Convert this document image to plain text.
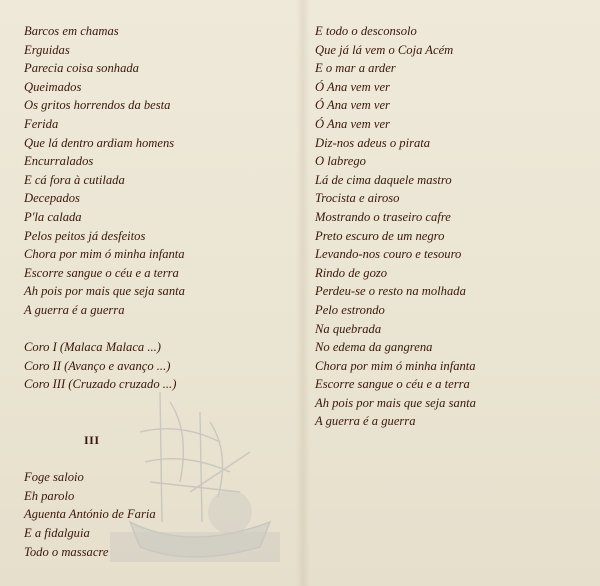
Barcos em chamas
Erguidas
Parecia coisa sonhada
Queimados
Os gritos horrendos da besta
Ferida
Que lá dentro ardiam homens
Encurralados
E cá fora à cutilada
Decepados
P'la calada
Pelos peitos já desfeitos
Chora por mim ó minha infanta
Escorre sangue o céu e a terra
Ah pois por mais que seja santa
A guerra é a guerra
Coro I (Malaca Malaca ...)
Coro II (Avanço e avanço ...)
Coro III (Cruzado cruzado ...)
III
Foge saloio
Eh parolo
Aguenta António de Faria
E a fidalguia
Todo o massacre
E todo o desconsolo
Que já lá vem o Coja Acém
E o mar a arder
Ó Ana vem ver
Ó Ana vem ver
Ó Ana vem ver
Diz-nos adeus o pirata
O labrego
Lá de cima daquele mastro
Trocista e airoso
Mostrando o traseiro cafre
Preto escuro de um negro
Levando-nos couro e tesouro
Rindo de gozo
Perdeu-se o resto na molhada
Pelo estrondo
Na quebrada
No edema da gangrena
Chora por mim ó minha infanta
Escorre sangue o céu e a terra
Ah pois por mais que seja santa
A guerra é a guerra
